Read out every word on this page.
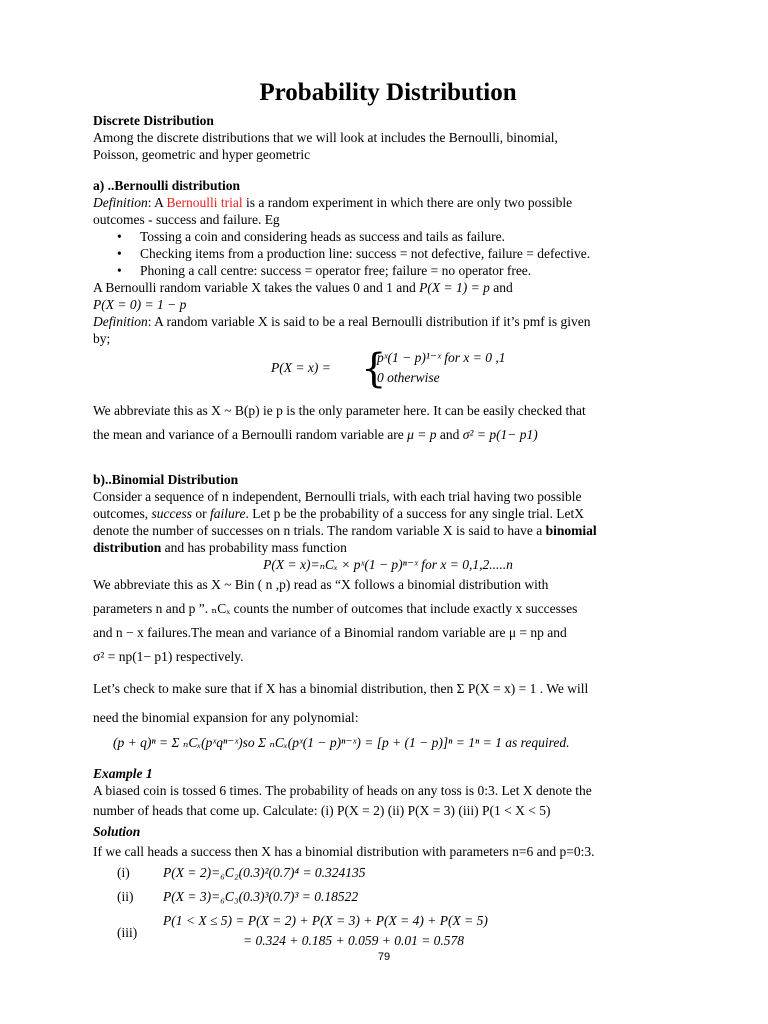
Probability Distribution

Discrete Distribution

Among the discrete distributions that we will look at includes the Bernoulli, binomial,

Poisson, geometric and hyper geometric

a) ..Bernoulli distribution

Definition: A Bernoulli trial is a random experiment in which there are only two possible

outcomes - success and failure. Eg

• Tossing a coin and considering heads as success and tails as failure.
• Checking items from a production line: success = not defective, failure = defective.
• Phoning a call centre: success = operator free; failure = no operator free.

A Bernoulli random variable X takes the values 0 and 1 and P(X = 1) = p and

P(X = 0) = 1 − p

Definition: A random variable X is said to be a real Bernoulli distribution if it’s pmf is given

by;

P(X = x) = {
pˣ(1 − p)¹⁻ˣ for x = 0 ,1
0 otherwise

We abbreviate this as X ~ B(p) ie p is the only parameter here. It can be easily checked that

the mean and variance of a Bernoulli random variable are μ = p and σ² = p(1− p1)

b)..Binomial Distribution

Consider a sequence of n independent, Bernoulli trials, with each trial having two possible

outcomes, success or failure. Let p be the probability of a success for any single trial. LetX

denote the number of successes on n trials. The random variable X is said to have a binomial

distribution and has probability mass function

P(X = x)=ₙCₓ × pˣ(1 − p)ⁿ⁻ˣ for x = 0,1,2.....n

We abbreviate this as X ~ Bin ( n ,p) read as “X follows a binomial distribution with

parameters n and p ”. ₙCₓ counts the number of outcomes that include exactly x successes

and n − x failures.The mean and variance of a Binomial random variable are μ = np and

σ² = np(1− p1) respectively.

Let’s check to make sure that if X has a binomial distribution, then Σ P(X = x) = 1 . We will

need the binomial expansion for any polynomial:

(p + q)ⁿ = Σ ₙCₓ(pˣqⁿ⁻ˣ)so Σ ₙCₓ(pˣ(1 − p)ⁿ⁻ˣ) = [p + (1 − p)]ⁿ = 1ⁿ = 1 as required.

Example 1

A biased coin is tossed 6 times. The probability of heads on any toss is 0:3. Let X denote the

number of heads that come up. Calculate: (i) P(X = 2) (ii) P(X = 3) (iii) P(1 < X < 5)

Solution

If we call heads a success then X has a binomial distribution with parameters n=6 and p=0:3.

(i) P(X = 2)=₆C₂(0.3)²(0.7)⁴ = 0.324135
(ii) P(X = 3)=₆C₃(0.3)³(0.7)³ = 0.18522
(iii)
P(1 < X ≤ 5) = P(X = 2) + P(X = 3) + P(X = 4) + P(X = 5)
= 0.324 + 0.185 + 0.059 + 0.01 = 0.578
79
